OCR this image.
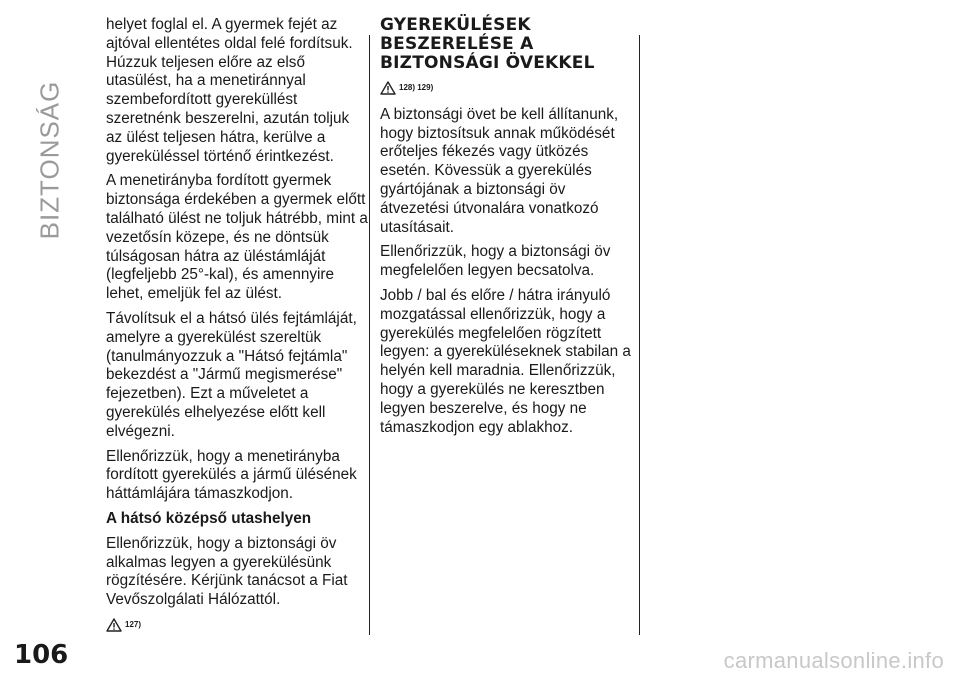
BIZTONSÁG

helyet foglal el. A gyermek fejét az ajtóval ellentétes oldal felé fordítsuk. Húzzuk teljesen előre az első utasülést, ha a menetiránnyal szembefordított gyereküllést szeretnénk beszerelni, azután toljuk az ülést teljesen hátra, kerülve a gyereküléssel történő érintkezést.

A menetirányba fordított gyermek biztonsága érdekében a gyermek előtt található ülést ne toljuk hátrébb, mint a vezetősín közepe, és ne döntsük túlságosan hátra az üléstámláját (legfeljebb 25°-kal), és amennyire lehet, emeljük fel az ülést.

Távolítsuk el a hátsó ülés fejtámláját, amelyre a gyerekülést szereltük (tanulmányozzuk a "Hátsó fejtámla" bekezdést a "Jármű megismerése" fejezetben). Ezt a műveletet a gyerekülés elhelyezése előtt kell elvégezni.

Ellenőrizzük, hogy a menetirányba fordított gyerekülés a jármű ülésének háttámlájára támaszkodjon.

A hátsó középső utashelyen

Ellenőrizzük, hogy a biztonsági öv alkalmas legyen a gyerekülésünk rögzítésére. Kérjünk tanácsot a Fiat Vevőszolgálati Hálózattól.

127)
GYEREKÜLÉSEK BESZERELÉSE A BIZTONSÁGI ÖVEKKEL
128) 129)

A biztonsági övet be kell állítanunk, hogy biztosítsuk annak működését erőteljes fékezés vagy ütközés esetén. Kövessük a gyerekülés gyártójának a biztonsági öv átvezetési útvonalára vonatkozó utasításait.

Ellenőrizzük, hogy a biztonsági öv megfelelően legyen becsatolva.

Jobb / bal és előre / hátra irányuló mozgatással ellenőrizzük, hogy a gyerekülés megfelelően rögzített legyen: a gyereküléseknek stabilan a helyén kell maradnia. Ellenőrizzük, hogy a gyerekülés ne keresztben legyen beszerelve, és hogy ne támaszkodjon egy ablakhoz.

106	carmanualsonline.info
